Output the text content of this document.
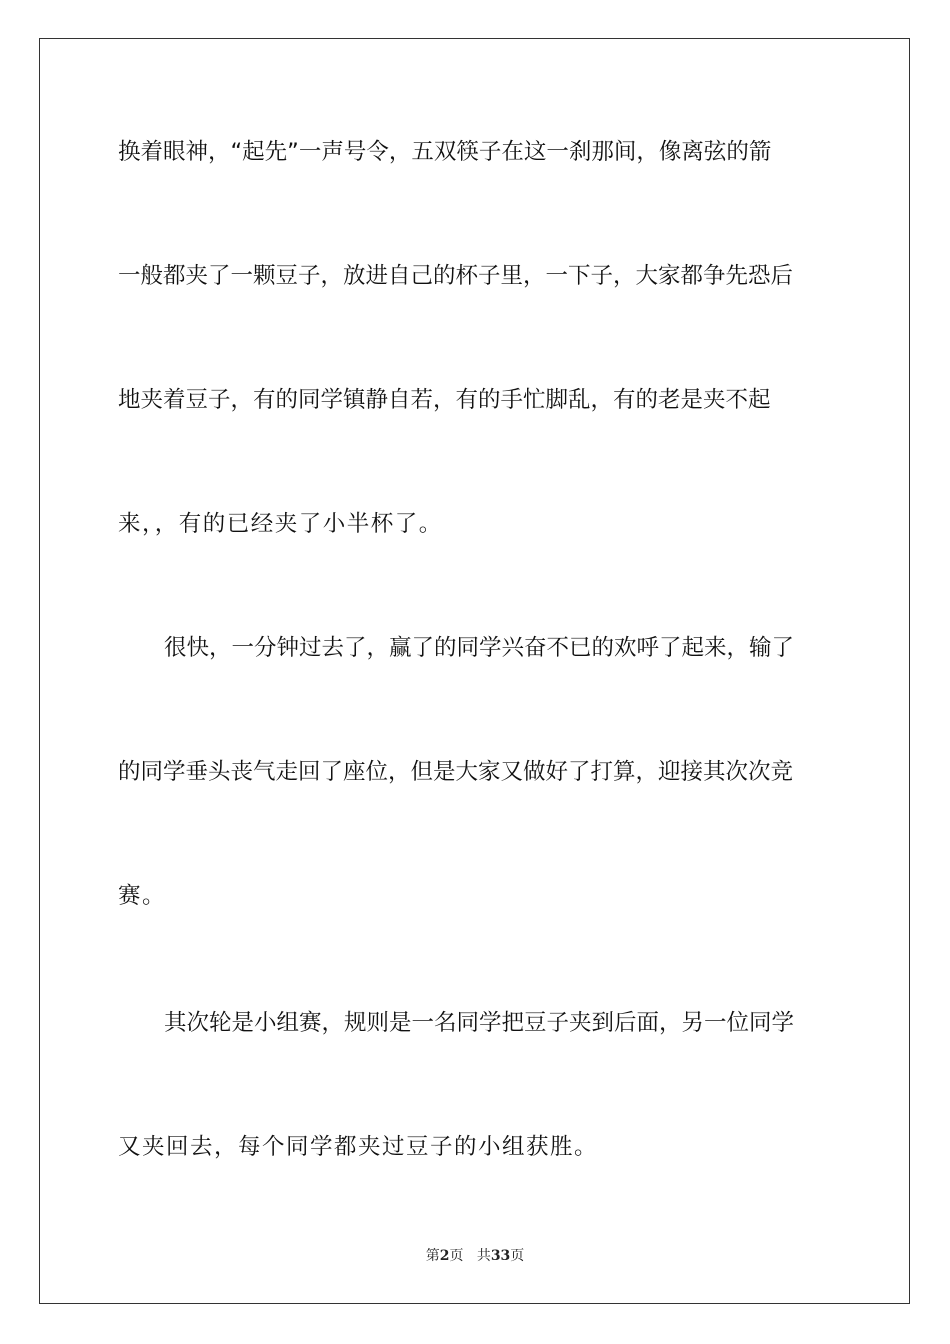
换着眼神，“起先”一声号令，五双筷子在这一刹那间，像离弦的箭
一般都夹了一颗豆子，放进自己的杯子里，一下子，大家都争先恐后
地夹着豆子，有的同学镇静自若，有的手忙脚乱，有的老是夹不起
来，，有的已经夹了小半杯了。
很快，一分钟过去了，赢了的同学兴奋不已的欢呼了起来，输了
的同学垂头丧气走回了座位，但是大家又做好了打算，迎接其次次竞
赛。
其次轮是小组赛，规则是一名同学把豆子夹到后面，另一位同学
又夹回去，每个同学都夹过豆子的小组获胜。
第2页 共33页
